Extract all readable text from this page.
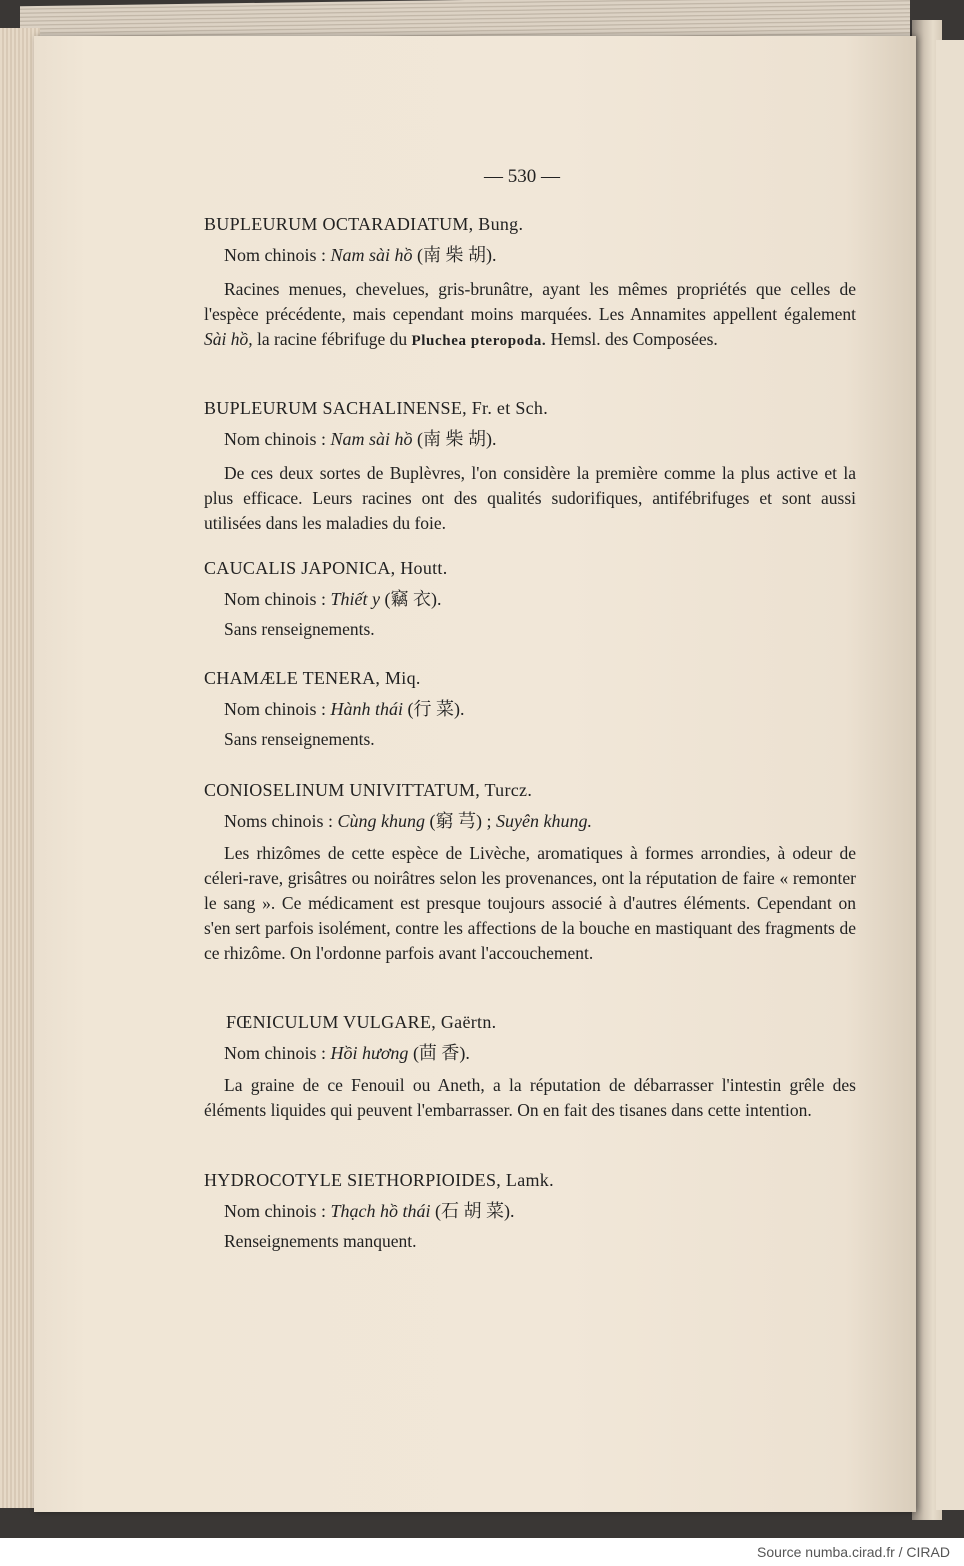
— 530 —
BUPLEURUM OCTARADIATUM, Bung.
Nom chinois : Nam sài hồ (南 柴 胡).
Racines menues, chevelues, gris-brunâtre, ayant les mêmes propriétés que celles de l'espèce précédente, mais cependant moins marquées. Les Annamites appellent également Sài hồ, la racine fébrifuge du Pluchea pteropoda. Hemsl. des Composées.
BUPLEURUM SACHALINENSE, Fr. et Sch.
Nom chinois : Nam sài hồ (南 柴 胡).
De ces deux sortes de Buplèvres, l'on considère la première comme la plus active et la plus efficace. Leurs racines ont des qualités sudorifiques, antifébrifuges et sont aussi utilisées dans les maladies du foie.
CAUCALIS JAPONICA, Houtt.
Nom chinois : Thiết y (竊 衣).
Sans renseignements.
CHAMÆLE TENERA, Miq.
Nom chinois : Hành thái (行 菜).
Sans renseignements.
CONIOSELINUM UNIVITTATUM, Turcz.
Noms chinois : Cùng khung (窮 芎) ; Suyên khung.
Les rhizômes de cette espèce de Livèche, aromatiques à formes arrondies, à odeur de céleri-rave, grisâtres ou noirâtres selon les provenances, ont la réputation de faire « remonter le sang ». Ce médicament est presque toujours associé à d'autres éléments. Cependant on s'en sert parfois isolément, contre les affections de la bouche en mastiquant des fragments de ce rhizôme. On l'ordonne parfois avant l'accouchement.
FŒNICULUM VULGARE, Gaërtn.
Nom chinois : Hồi hương (茴 香).
La graine de ce Fenouil ou Aneth, a la réputation de débarrasser l'intestin grêle des éléments liquides qui peuvent l'embarrasser. On en fait des tisanes dans cette intention.
HYDROCOTYLE SIETHORPIOIDES, Lamk.
Nom chinois : Thạch hồ thái (石 胡 菜).
Renseignements manquent.
Source numba.cirad.fr / CIRAD
